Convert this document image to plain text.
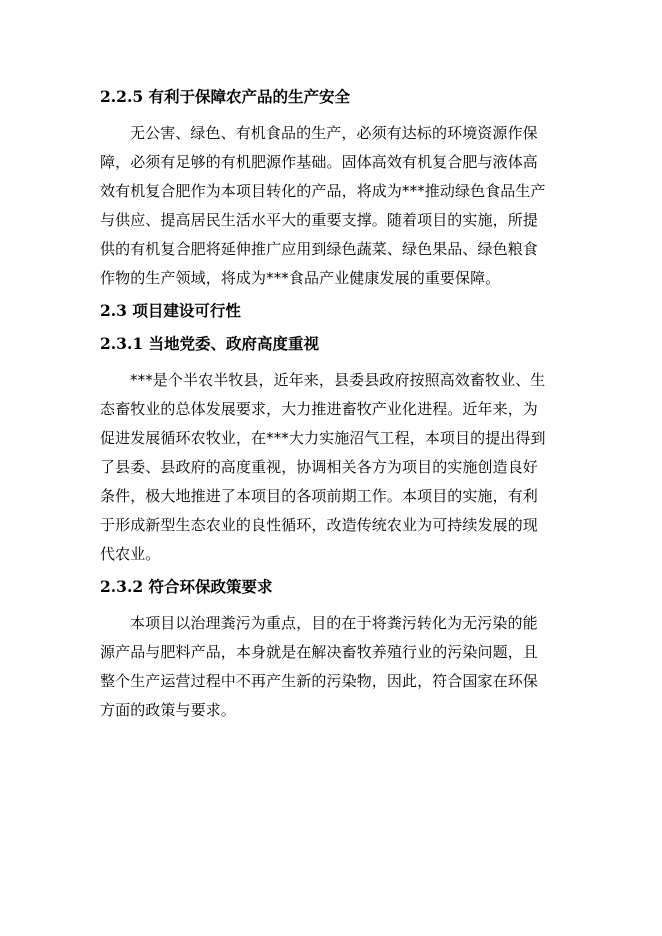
2.2.5 有利于保障农产品的生产安全
无公害、绿色、有机食品的生产，必须有达标的环境资源作保
障，必须有足够的有机肥源作基础。固体高效有机复合肥与液体高
效有机复合肥作为本项目转化的产品，将成为***推动绿色食品生产
与供应、提高居民生活水平大的重要支撑。随着项目的实施，所提
供的有机复合肥将延伸推广应用到绿色蔬菜、绿色果品、绿色粮食
作物的生产领域，将成为***食品产业健康发展的重要保障。
2.3 项目建设可行性
2.3.1 当地党委、政府高度重视
***是个半农半牧县，近年来，县委县政府按照高效畜牧业、生
态畜牧业的总体发展要求，大力推进畜牧产业化进程。近年来，为
促进发展循环农牧业，在***大力实施沼气工程，本项目的提出得到
了县委、县政府的高度重视，协调相关各方为项目的实施创造良好
条件，极大地推进了本项目的各项前期工作。本项目的实施，有利
于形成新型生态农业的良性循环，改造传统农业为可持续发展的现
代农业。
2.3.2 符合环保政策要求
本项目以治理粪污为重点，目的在于将粪污转化为无污染的能
源产品与肥料产品，本身就是在解决畜牧养殖行业的污染问题，且
整个生产运营过程中不再产生新的污染物，因此，符合国家在环保
方面的政策与要求。
